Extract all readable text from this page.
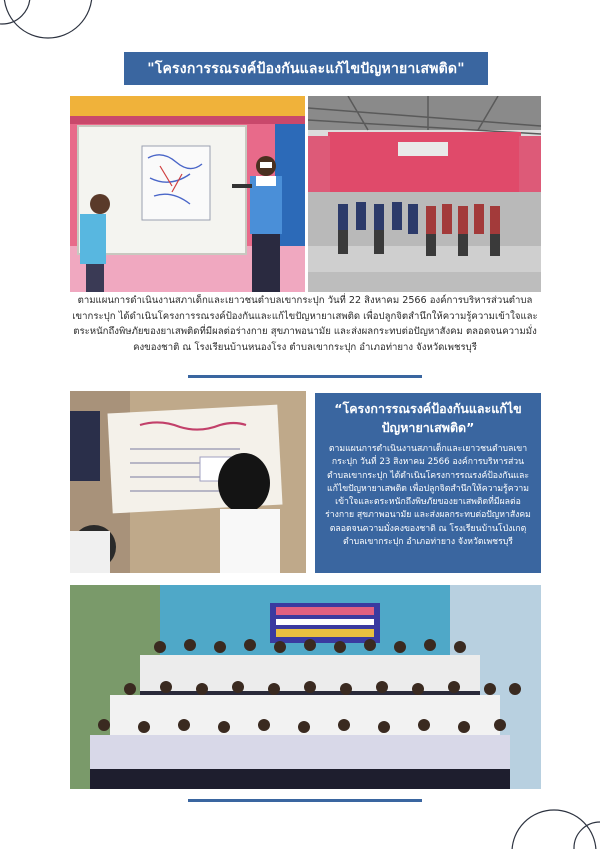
"โครงการรณรงค์ป้องกันและแก้ไขปัญหายาเสพติด"
ตามแผนการดำเนินงานสภาเด็กและเยาวชนตำบลเขากระปุก วันที่ 22 สิงหาคม 2566 องค์การบริหารส่วนตำบลเขากระปุก ได้ดำเนินโครงการรณรงค์ป้องกันและแก้ไขปัญหายาเสพติด เพื่อปลูกจิตสำนึกให้ความรู้ความเข้าใจและตระหนักถึงพิษภัยของยาเสพติดที่มีผลต่อร่างกาย สุขภาพอนามัย และส่งผลกระทบต่อปัญหาสังคม ตลอดจนความมั่งคงของชาติ ณ โรงเรียนบ้านหนองโรง ตำบลเขากระปุก อำเภอท่ายาง จังหวัดเพชรบุรี
“โครงการรณรงค์ป้องกันและแก้ไขปัญหายาเสพติด”
ตามแผนการดำเนินงานสภาเด็กและเยาวชนตำบลเขากระปุก วันที่ 23 สิงหาคม 2566 องค์การบริหารส่วนตำบลเขากระปุก ได้ดำเนินโครงการรณรงค์ป้องกันและแก้ไขปัญหายาเสพติด เพื่อปลูกจิตสำนึกให้ความรู้ความเข้าใจและตระหนักถึงพิษภัยของยาเสพติดที่มีผลต่อร่างกาย สุขภาพอนามัย และส่งผลกระทบต่อปัญหาสังคม ตลอดจนความมั่งคงของชาติ ณ โรงเรียนบ้านโป่งเกตุ ตำบลเขากระปุก อำเภอท่ายาง จังหวัดเพชรบุรี
